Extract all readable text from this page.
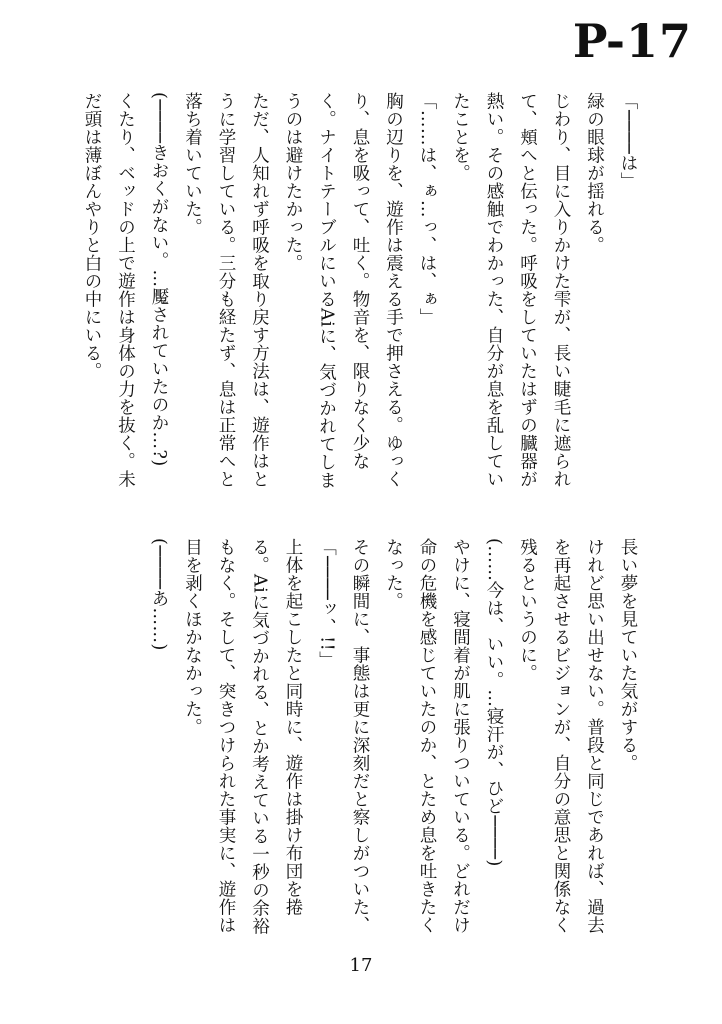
P-17

「────は」

緑の眼球が揺れる。

じわり、目に入りかけた雫が、長い睫毛に遮られて、頬へと伝った。呼吸をしていたはずの臓器が熱い。その感触でわかった、自分が息を乱していたことを。

「……は、ぁ…っ、は、ぁ」

胸の辺りを、遊作は震える手で押さえる。ゆっくり、息を吸って、吐く。物音を、限りなく少なく。ナイトテーブルにいるAiに、気づかれてしまうのは避けたかった。

ただ、人知れず呼吸を取り戻す方法は、遊作はとうに学習している。三分も経たず、息は正常へと落ち着いていた。

(────きおくがない。…魘されていたのか…?)

くたり、ベッドの上で遊作は身体の力を抜く。未だ頭は薄ぼんやりと白の中にいる。

長い夢を見ていた気がする。

けれど思い出せない。普段と同じであれば、過去を再起させるビジョンが、自分の意思と関係なく残るというのに。

(……今は、いい。…寝汗が、ひど────)

やけに、寝間着が肌に張りついている。どれだけ命の危機を感じていたのか、とため息を吐きたくなった。

その瞬間に、事態は更に深刻だと察しがついた、

「────ッ、!!」

上体を起こしたと同時に、遊作は掛け布団を捲る。Aiに気づかれる、とか考えている一秒の余裕もなく。そして、突きつけられた事実に、遊作は目を剥くほかなかった。

(────あ……)

17
